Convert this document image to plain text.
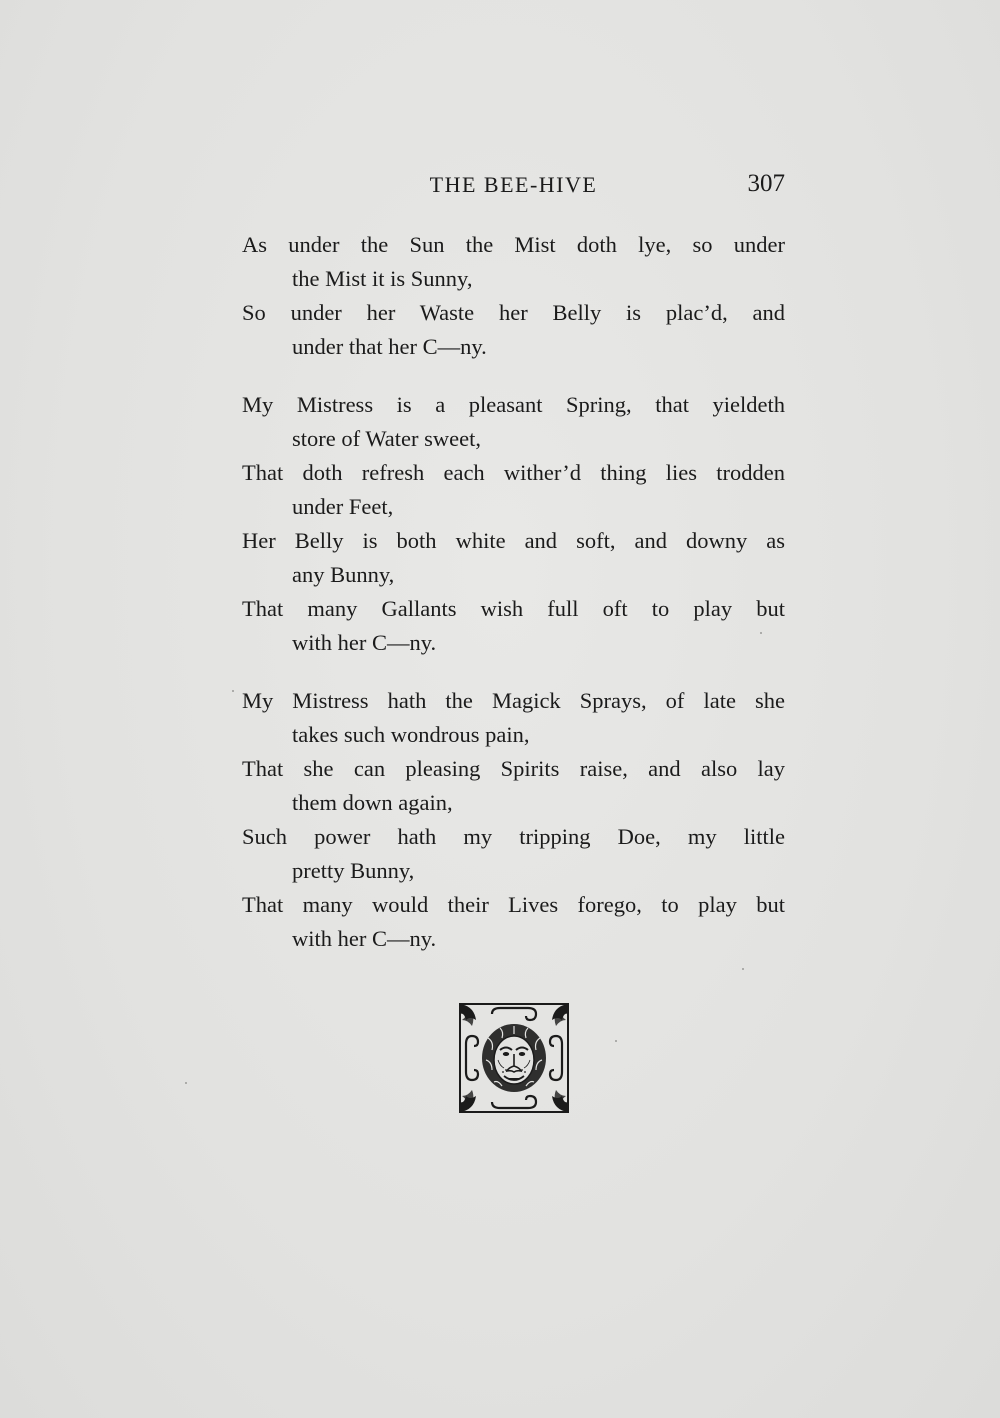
THE BEE-HIVE	307
As under the Sun the Mist doth lye, so under
the Mist it is Sunny,
So under her Waste her Belly is plac’d, and
under that her C—ny.
My Mistress is a pleasant Spring, that yieldeth
store of Water sweet,
That doth refresh each wither’d thing lies trodden
under Feet,
Her Belly is both white and soft, and downy as
any Bunny,
That many Gallants wish full oft to play but
with her C—ny.
My Mistress hath the Magick Sprays, of late she
takes such wondrous pain,
That she can pleasing Spirits raise, and also lay
them down again,
Such power hath my tripping Doe, my little
pretty Bunny,
That many would their Lives forego, to play but
with her C—ny.
